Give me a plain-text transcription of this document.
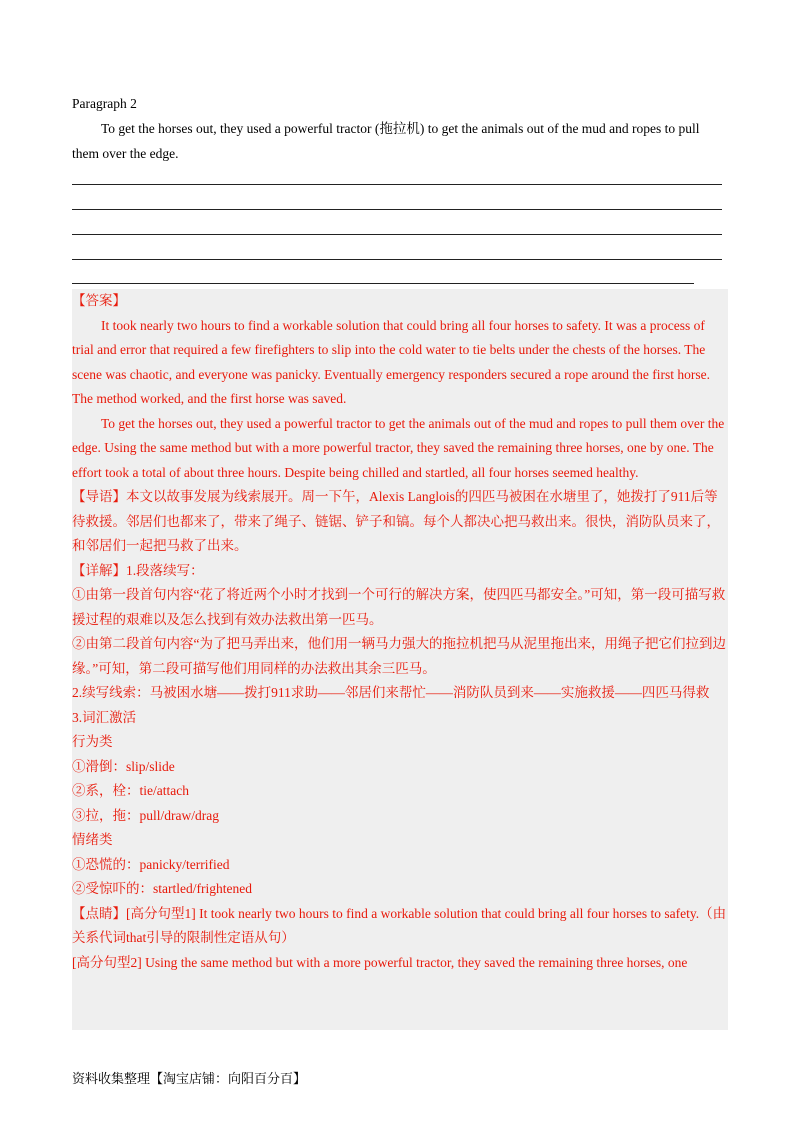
Paragraph 2
To get the horses out, they used a powerful tractor (拖拉机) to get the animals out of the mud and ropes to pull them over the edge.
【答案】

It took nearly two hours to find a workable solution that could bring all four horses to safety. It was a process of trial and error that required a few firefighters to slip into the cold water to tie belts under the chests of the horses. The scene was chaotic, and everyone was panicky. Eventually emergency responders secured a rope around the first horse. The method worked, and the first horse was saved.

To get the horses out, they used a powerful tractor to get the animals out of the mud and ropes to pull them over the edge. Using the same method but with a more powerful tractor, they saved the remaining three horses, one by one. The effort took a total of about three hours. Despite being chilled and startled, all four horses seemed healthy.

【导语】本文以故事发展为线索展开。周一下午，Alexis Langlois的四匹马被困在水塘里了，她拨打了911后等待救援。邻居们也都来了，带来了绳子、链锯、铲子和镐。每个人都决心把马救出来。很快，消防队员来了，和邻居们一起把马救了出来。
【详解】1.段落续写：
①由第一段首句内容“花了将近两个小时才找到一个可行的解决方案，使四匹马都安全。”可知，第一段可描写救援过程的艰难以及怎么找到有效办法救出第一匹马。
②由第二段首句内容“为了把马弄出来，他们用一辆马力强大的拖拉机把马从泥里拖出来，用绳子把它们拉到边缘。”可知，第二段可描写他们用同样的办法救出其余三匹马。
2.续写线索：马被困水塘——拨打911求助——邻居们来帮忙——消防队员到来——实施救援——四匹马得救
3.词汇激活
行为类
①滑倒：slip/slide
②系，栓：tie/attach
③拉，拖：pull/draw/drag
情绪类
①恐慌的：panicky/terrified
②受惊吓的：startled/frightened
【点睛】[高分句型1] It took nearly two hours to find a workable solution that could bring all four horses to safety.（由关系代词that引导的限制性定语从句）
[高分句型2] Using the same method but with a more powerful tractor, they saved the remaining three horses, one
资料收集整理【淘宝店铺：向阳百分百】
